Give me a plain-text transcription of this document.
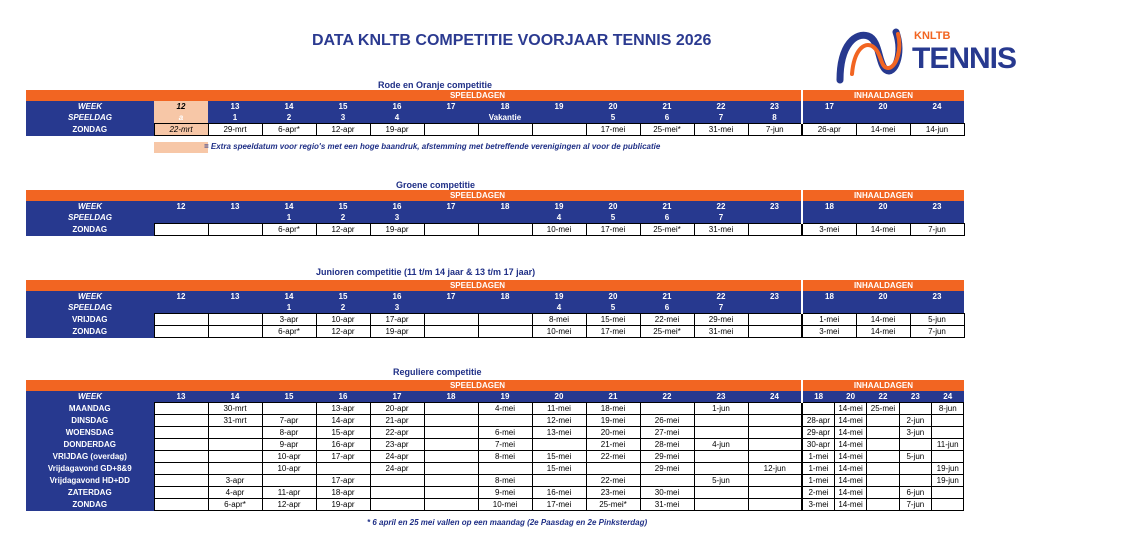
DATA KNLTB COMPETITIE VOORJAAR TENNIS 2026	KNLTB
TENNIS
Rode en Oranje competitie
	SPEELDAGEN												INHAALDAGEN		
WEEK	12	13	14	15	16	17	18	19	20	21	22	23	17	20	24
SPEELDAG	a	1	2	3	4		Vakantie		5	6	7	8			
ZONDAG	22-mrt	29-mrt	6-apr*	12-apr	19-apr				17-mei	25-mei*	31-mei	7-jun	26-apr	14-mei	14-jun
Groene competitie
	SPEELDAGEN												INHAALDAGEN		
WEEK	12	13	14	15	16	17	18	19	20	21	22	23	18	20	23
SPEELDAG			1	2	3			4	5	6	7				
ZONDAG			6-apr*	12-apr	19-apr			10-mei	17-mei	25-mei*	31-mei		3-mei	14-mei	7-jun
Junioren competitie (11 t/m 14 jaar & 13 t/m 17 jaar)
	SPEELDAGEN												INHAALDAGEN		
WEEK	12	13	14	15	16	17	18	19	20	21	22	23	18	20	23
SPEELDAG			1	2	3			4	5	6	7				
VRIJDAG			3-apr	10-apr	17-apr			8-mei	15-mei	22-mei	29-mei		1-mei	14-mei	5-jun
ZONDAG			6-apr*	12-apr	19-apr			10-mei	17-mei	25-mei*	31-mei		3-mei	14-mei	7-jun
Reguliere competitie
	SPEELDAGEN												INHAALDAGEN				
WEEK	13	14	15	16	17	18	19	20	21	22	23	24	18	20	22	23	24
MAANDAG		30-mrt		13-apr	20-apr		4-mei	11-mei	18-mei		1-jun			14-mei	25-mei		8-jun
DINSDAG		31-mrt	7-apr	14-apr	21-apr			12-mei	19-mei	26-mei			28-apr	14-mei		2-jun	
WOENSDAG			8-apr	15-apr	22-apr		6-mei	13-mei	20-mei	27-mei			29-apr	14-mei		3-jun	
DONDERDAG			9-apr	16-apr	23-apr		7-mei		21-mei	28-mei	4-jun		30-apr	14-mei			11-jun
VRIJDAG (overdag)			10-apr	17-apr	24-apr		8-mei	15-mei	22-mei	29-mei			1-mei	14-mei		5-jun	
Vrijdagavond GD+8&9			10-apr		24-apr			15-mei		29-mei		12-jun	1-mei	14-mei			19-jun
Vrijdagavond HD+DD		3-apr		17-apr			8-mei		22-mei		5-jun		1-mei	14-mei			19-jun
ZATERDAG		4-apr	11-apr	18-apr			9-mei	16-mei	23-mei	30-mei			2-mei	14-mei		6-jun	
ZONDAG		6-apr*	12-apr	19-apr			10-mei	17-mei	25-mei*	31-mei			3-mei	14-mei		7-jun	
= Extra speeldatum voor regio's met een hoge baandruk, afstemming met betreffende verenigingen al voor de publicatie
* 6 april en 25 mei vallen op een maandag (2e Paasdag en 2e Pinksterdag)
